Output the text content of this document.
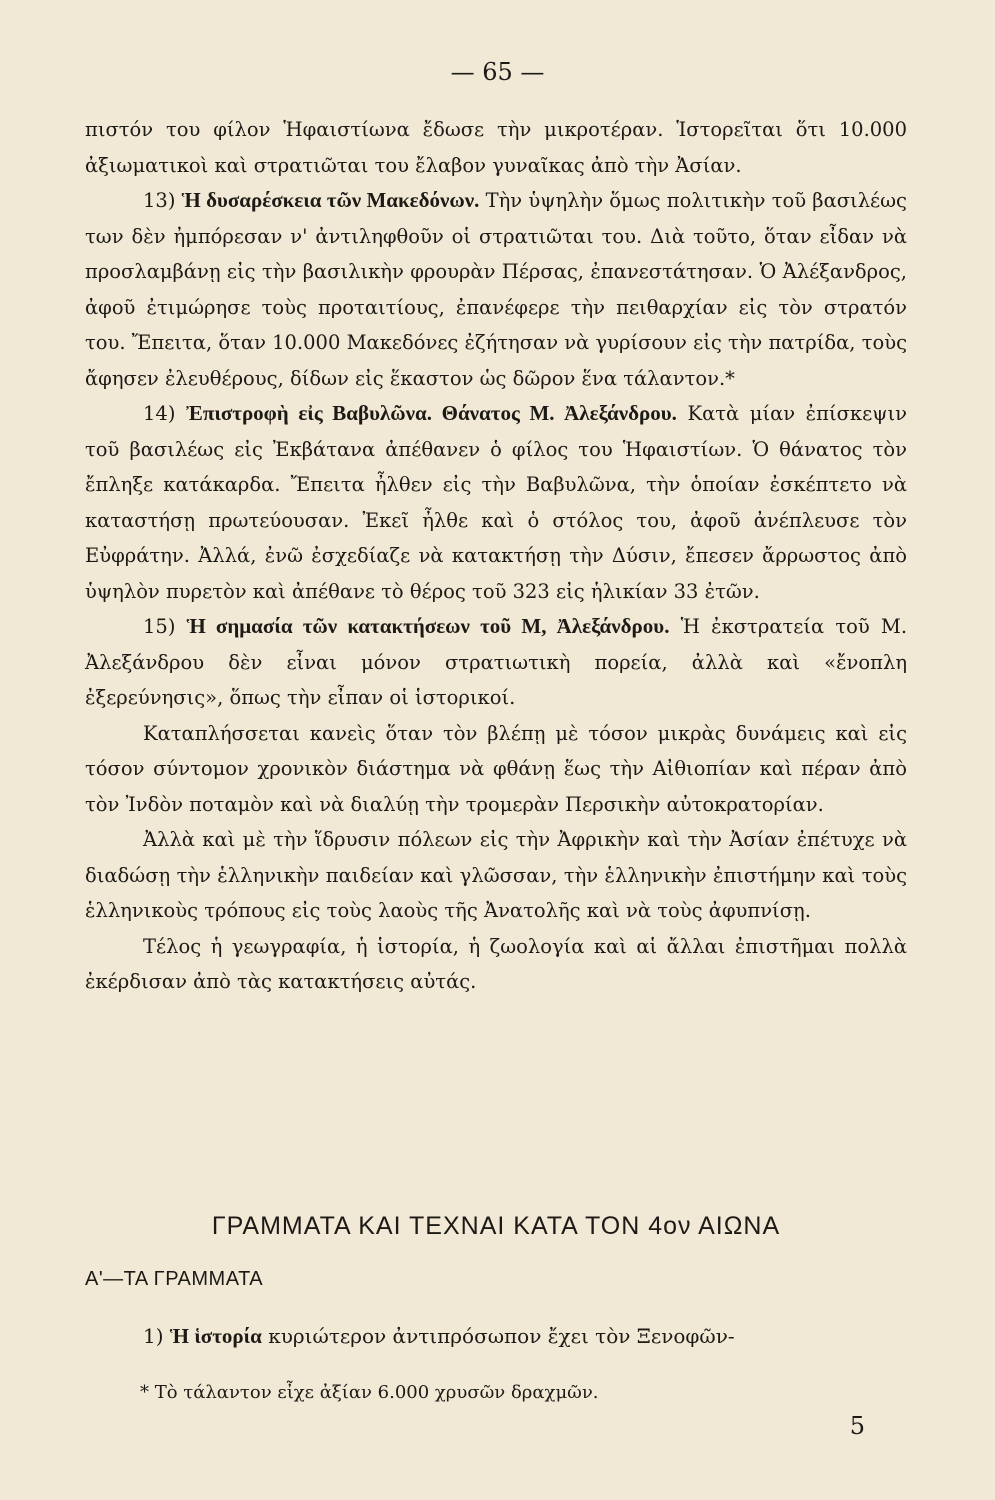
— 65 —

πιστόν του φίλον Ἡφαιστίωνα ἔδωσε τὴν μικροτέραν. Ἱστορεῖται ὅτι 10.000 ἀξιωματικοὶ καὶ στρατιῶται του ἔλαβον γυναῖκας ἀπὸ τὴν Ἀσίαν.

13) Ἡ δυσαρέσκεια τῶν Μακεδόνων. Τὴν ὑψηλὴν ὅμως πολιτικὴν τοῦ βασιλέως των δὲν ἠμπόρεσαν ν' ἀντιληφθοῦν οἱ στρατιῶται του. Διὰ τοῦτο, ὅταν εἶδαν νὰ προσλαμβάνῃ εἰς τὴν βασιλικὴν φρουρὰν Πέρσας, ἐπανεστάτησαν. Ὁ Ἀλέξανδρος, ἀφοῦ ἐτιμώρησε τοὺς προταιτίους, ἐπανέφερε τὴν πειθαρχίαν εἰς τὸν στρατόν του. Ἔπειτα, ὅταν 10.000 Μακεδόνες ἐζήτησαν νὰ γυρίσουν εἰς τὴν πατρίδα, τοὺς ἄφησεν ἐλευθέρους, δίδων εἰς ἕκαστον ὡς δῶρον ἕνα τάλαντον.*

14) Ἐπιστροφὴ εἰς Βαβυλῶνα. Θάνατος Μ. Ἀλεξάνδρου. Κατὰ μίαν ἐπίσκεψιν τοῦ βασιλέως εἰς Ἐκβάτανα ἀπέθανεν ὁ φίλος του Ἡφαιστίων. Ὁ θάνατος τὸν ἔπληξε κατάκαρδα. Ἔπειτα ἦλθεν εἰς τὴν Βαβυλῶνα, τὴν ὁποίαν ἐσκέπτετο νὰ καταστήσῃ πρωτεύουσαν. Ἐκεῖ ἦλθε καὶ ὁ στόλος του, ἀφοῦ ἀνέπλευσε τὸν Εὐφράτην. Ἀλλά, ἐνῶ ἐσχεδίαζε νὰ κατακτήσῃ τὴν Δύσιν, ἔπεσεν ἄρρωστος ἀπὸ ὑψηλὸν πυρετὸν καὶ ἀπέθανε τὸ θέρος τοῦ 323 εἰς ἡλικίαν 33 ἐτῶν.

15) Ἡ σημασία τῶν κατακτήσεων τοῦ Μ, Ἀλεξάνδρου. Ἡ ἐκστρατεία τοῦ Μ. Ἀλεξάνδρου δὲν εἶναι μόνον στρατιωτικὴ πορεία, ἀλλὰ καὶ «ἔνοπλη ἐξερεύνησις», ὅπως τὴν εἶπαν οἱ ἱστορικοί.

Καταπλήσσεται κανεὶς ὅταν τὸν βλέπῃ μὲ τόσον μικρὰς δυνάμεις καὶ εἰς τόσον σύντομον χρονικὸν διάστημα νὰ φθάνῃ ἕως τὴν Αἰθιοπίαν καὶ πέραν ἀπὸ τὸν Ἰνδὸν ποταμὸν καὶ νὰ διαλύῃ τὴν τρομερὰν Περσικὴν αὐτοκρατορίαν.

Ἀλλὰ καὶ μὲ τὴν ἵδρυσιν πόλεων εἰς τὴν Ἀφρικὴν καὶ τὴν Ἀσίαν ἐπέτυχε νὰ διαδώσῃ τὴν ἑλληνικὴν παιδείαν καὶ γλῶσσαν, τὴν ἑλληνικὴν ἐπιστήμην καὶ τοὺς ἑλληνικοὺς τρόπους εἰς τοὺς λαοὺς τῆς Ἀνατολῆς καὶ νὰ τοὺς ἀφυπνίσῃ.

Τέλος ἡ γεωγραφία, ἡ ἱστορία, ἡ ζωολογία καὶ αἱ ἄλλαι ἐπιστῆμαι πολλὰ ἐκέρδισαν ἀπὸ τὰς κατακτήσεις αὐτάς.

ΓΡΑΜΜΑΤΑ ΚΑΙ ΤΕΧΝΑΙ ΚΑΤΑ ΤΟΝ 4ον ΑΙΩΝΑ
Α'—ΤΑ ΓΡΑΜΜΑΤΑ
1) Ἡ ἱστορία κυριώτερον ἀντιπρόσωπον ἔχει τὸν Ξενοφῶν-
* Τὸ τάλαντον εἶχε ἀξίαν 6.000 χρυσῶν δραχμῶν.
5
